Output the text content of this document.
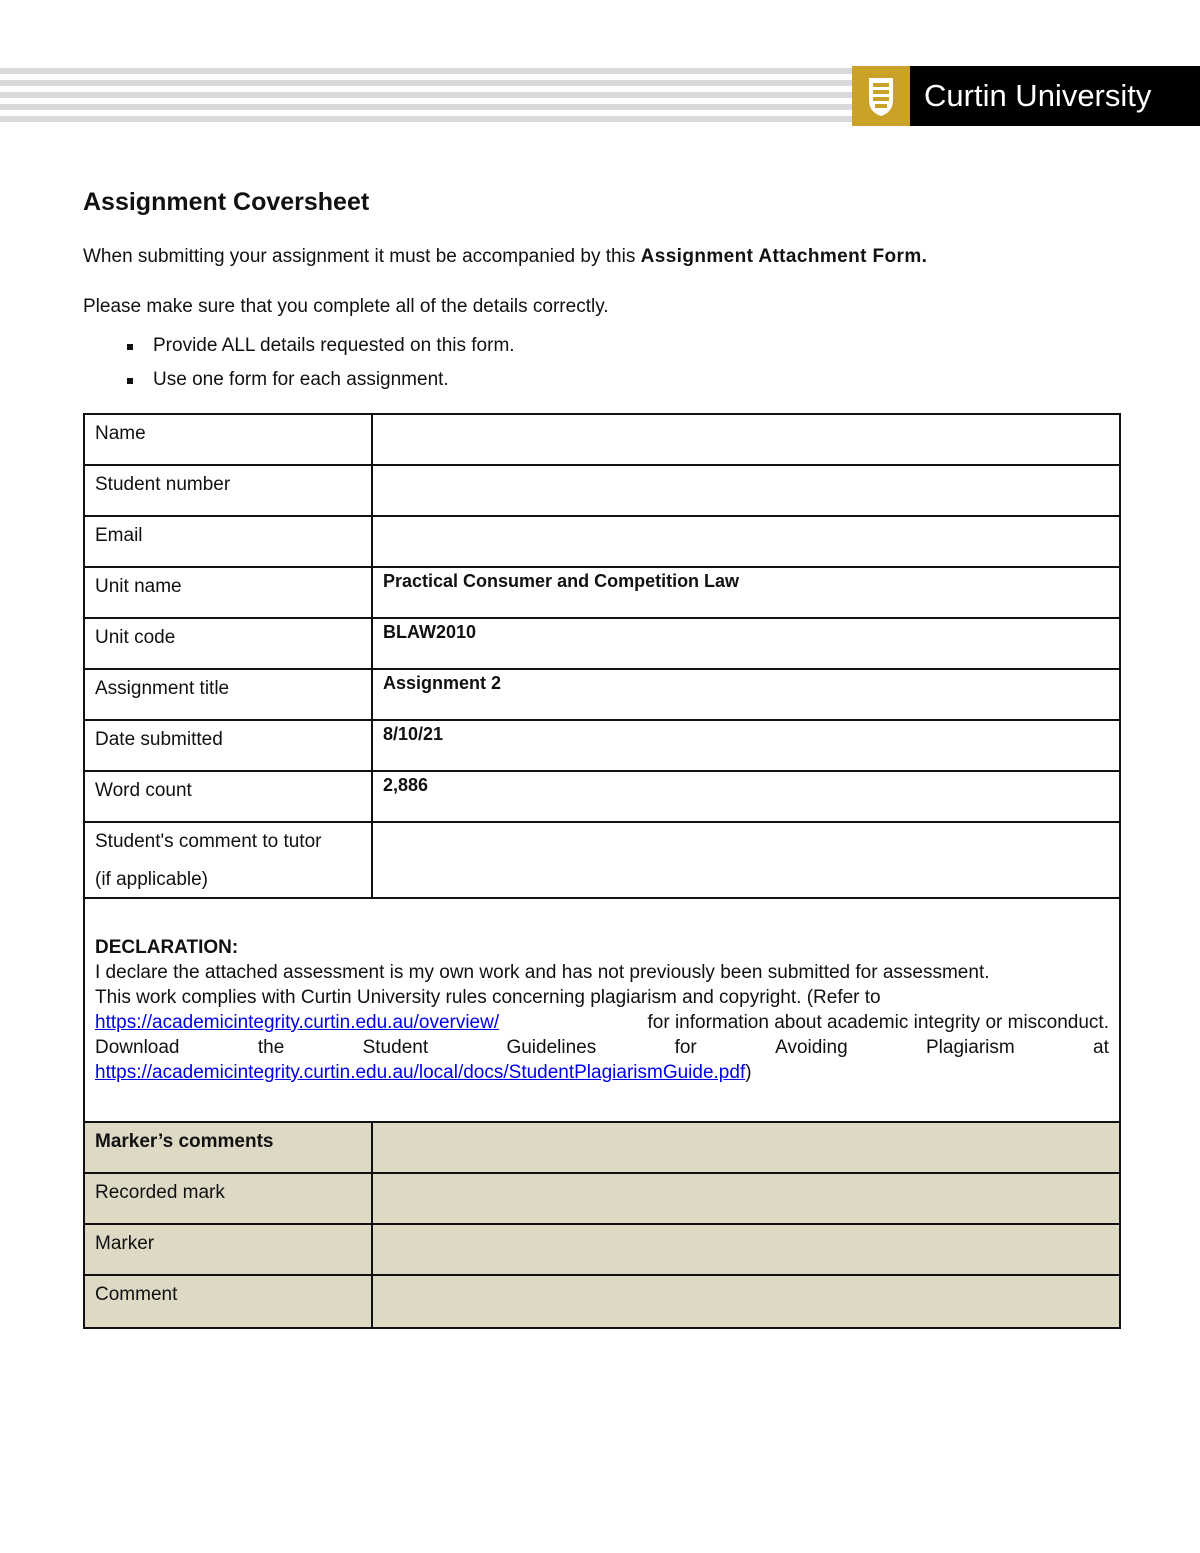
Curtin University
Assignment Coversheet
When submitting your assignment it must be accompanied by this Assignment Attachment Form.
Please make sure that you complete all of the details correctly.
Provide ALL details requested on this form.
Use one form for each assignment.
Name
Student number
Email
Unit name	Practical Consumer and Competition Law
Unit code	BLAW2010
Assignment title	Assignment 2
Date submitted	8/10/21
Word count	2,886
Student's comment to tutor
(if applicable)
DECLARATION:
I declare the attached assessment is my own work and has not previously been submitted for assessment.
This work complies with Curtin University rules concerning plagiarism and copyright. (Refer to
https://academicintegrity.curtin.edu.au/overview/	for information about academic integrity or misconduct.
Download	the	Student	Guidelines	for	Avoiding	Plagiarism	at
https://academicintegrity.curtin.edu.au/local/docs/StudentPlagiarismGuide.pdf)
Marker’s comments
Recorded mark
Marker
Comment
